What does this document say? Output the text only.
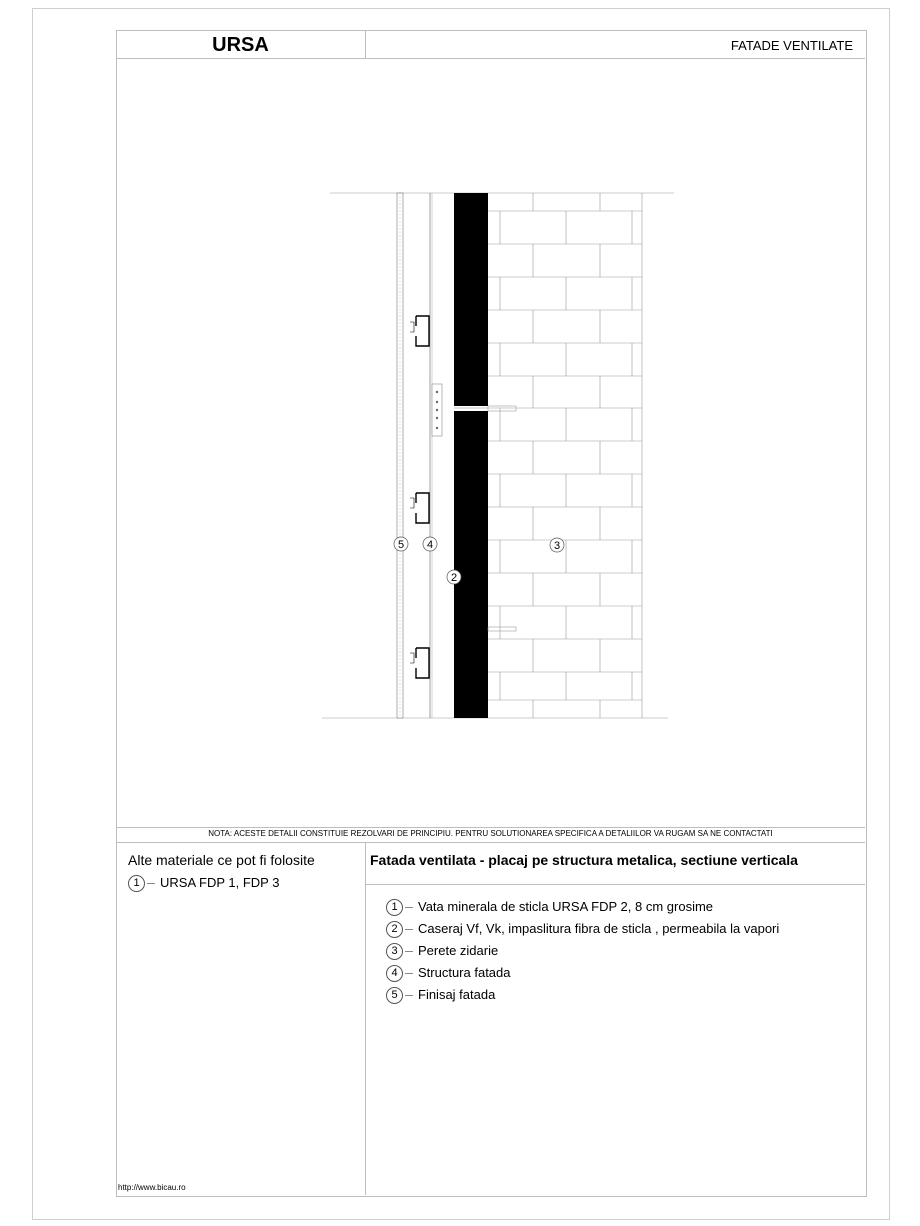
URSA	FATADE VENTILATE
5 4	3
2
NOTA: ACESTE DETALII CONSTITUIE REZOLVARI DE PRINCIPIU. PENTRU SOLUTIONAREA SPECIFICA A DETALIILOR VA RUGAM SA NE CONTACTATI
Alte materiale ce pot fi folosite
1 URSA FDP 1, FDP 3
Fatada ventilata - placaj pe structura metalica, sectiune verticala
1 Vata minerala de sticla URSA FDP 2, 8 cm grosime
2 Caseraj Vf, Vk, impaslitura fibra de sticla , permeabila la vapori
3 Perete zidarie
4 Structura fatada
5 Finisaj fatada
http://www.bicau.ro
